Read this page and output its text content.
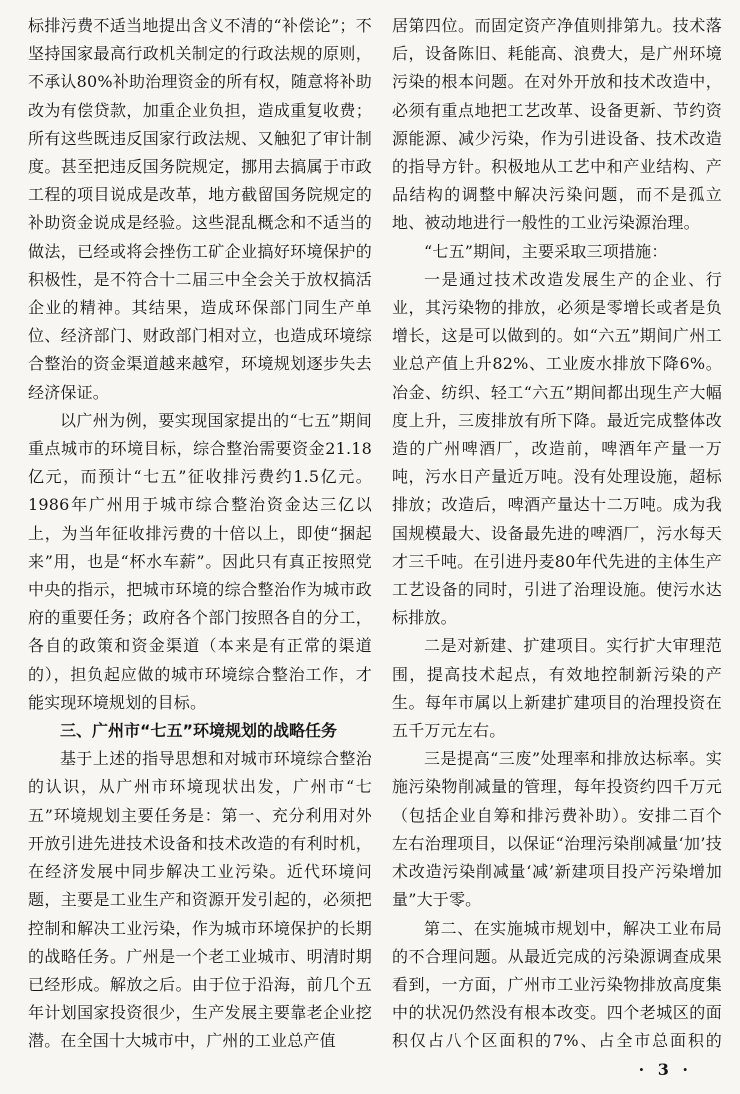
标排污费不适当地提出含义不清的“补偿论”；不坚持国家最高行政机关制定的行政法规的原则，不承认80%补助治理资金的所有权，随意将补助改为有偿贷款，加重企业负担，造成重复收费；所有这些既违反国家行政法规、又触犯了审计制度。甚至把违反国务院规定，挪用去搞属于市政工程的项目说成是改革，地方截留国务院规定的补助资金说成是经验。这些混乱概念和不适当的做法，已经或将会挫伤工矿企业搞好环境保护的积极性，是不符合十二届三中全会关于放权搞活企业的精神。其结果，造成环保部门同生产单位、经济部门、财政部门相对立，也造成环境综合整治的资金渠道越来越窄，环境规划逐步失去经济保证。

以广州为例，要实现国家提出的“七五”期间重点城市的环境目标，综合整治需要资金21.18亿元，而预计“七五”征收排污费约1.5亿元。1986年广州用于城市综合整治资金达三亿以上，为当年征收排污费的十倍以上，即使“捆起来”用，也是“杯水车薪”。因此只有真正按照党中央的指示，把城市环境的综合整治作为城市政府的重要任务；政府各个部门按照各自的分工，各自的政策和资金渠道（本来是有正常的渠道的），担负起应做的城市环境综合整治工作，才能实现环境规划的目标。

三、广州市“七五”环境规划的战略任务

基于上述的指导思想和对城市环境综合整治的认识，从广州市环境现状出发，广州市“七五”环境规划主要任务是：第一、充分利用对外开放引进先进技术设备和技术改造的有利时机，在经济发展中同步解决工业污染。近代环境问题，主要是工业生产和资源开发引起的，必须把控制和解决工业污染，作为城市环境保护的长期的战略任务。广州是一个老工业城市、明清时期已经形成。解放之后。由于位于沿海，前几个五年计划国家投资很少，生产发展主要靠老企业挖潜。在全国十大城市中，广州的工业总产值

居第四位。而固定资产净值则排第九。技术落后，设备陈旧、耗能高、浪费大，是广州环境污染的根本问题。在对外开放和技术改造中，必须有重点地把工艺改革、设备更新、节约资源能源、减少污染，作为引进设备、技术改造的指导方针。积极地从工艺中和产业结构、产品结构的调整中解决污染问题，而不是孤立地、被动地进行一般性的工业污染源治理。

“七五”期间，主要采取三项措施：

一是通过技术改造发展生产的企业、行业，其污染物的排放，必须是零增长或者是负增长，这是可以做到的。如“六五”期间广州工业总产值上升82%、工业废水排放下降6%。冶金、纺织、轻工“六五”期间都出现生产大幅度上升，三废排放有所下降。最近完成整体改造的广州啤酒厂，改造前，啤酒年产量一万吨，污水日产量近万吨。没有处理设施，超标排放；改造后，啤酒产量达十二万吨。成为我国规模最大、设备最先进的啤酒厂，污水每天才三千吨。在引进丹麦80年代先进的主体生产工艺设备的同时，引进了治理设施。使污水达标排放。

二是对新建、扩建项目。实行扩大审理范围，提高技术起点，有效地控制新污染的产生。每年市属以上新建扩建项目的治理投资在五千万元左右。

三是提高“三废”处理率和排放达标率。实施污染物削减量的管理，每年投资约四千万元（包括企业自筹和排污费补助）。安排二百个左右治理项目，以保证“治理污染削减量‘加’技术改造污染削减量‘减’新建项目投产污染增加量”大于零。

第二、在实施城市规划中，解决工业布局的不合理问题。从最近完成的污染源调查成果看到，一方面，广州市工业污染物排放高度集中的状况仍然没有根本改变。四个老城区的面积仅占八个区面积的7%、占全市总面积的

· 3 ·
